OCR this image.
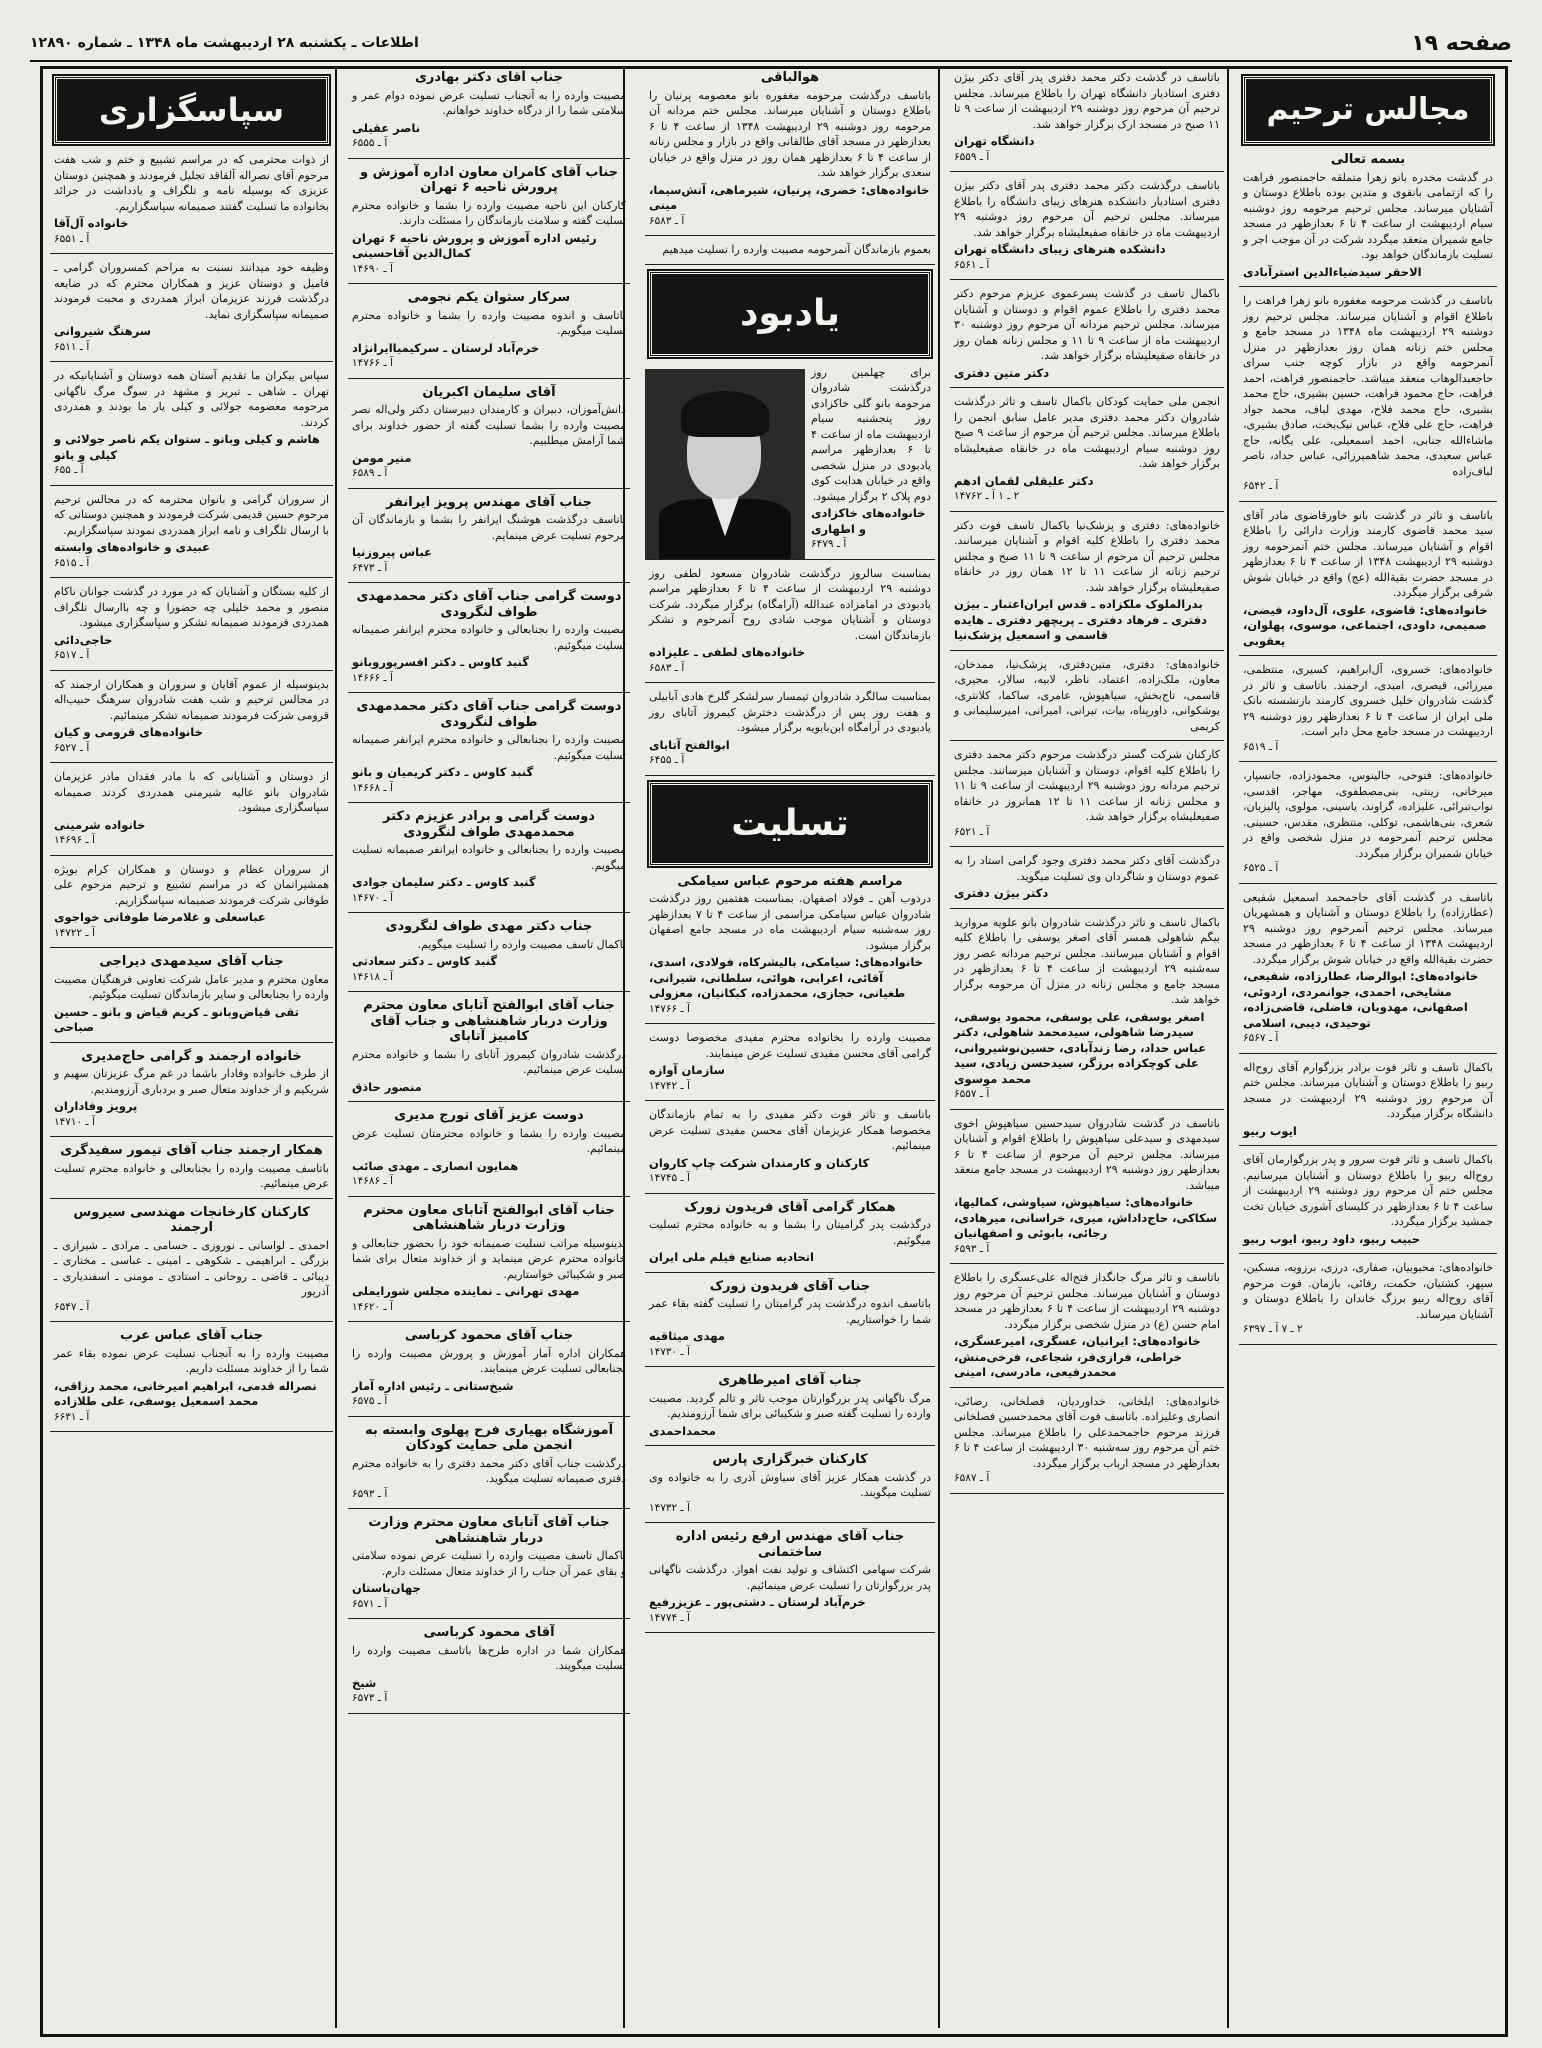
صفحه ۱۹
اطلاعات ـ یکشنبه ۲۸ اردیبهشت ماه ۱۳۴۸ ـ شماره ۱۲۸۹۰
مجالس ترحیم
بسمه تعالی
در گذشت مخدره بانو زهرا متملقه حاجمنصور فراهت را که ازتمامی بانقوی و متدین بوده باطلاع دوستان و آشنایان میرساند. مجلس ترحیم مرحومه روز دوشنبه سیام اردیبهشت از ساعت ۴ تا ۶ بعدازظهر در مسجد جامع شمیران منعقد میگردد شرکت در آن موجب اجر و تسلیت بازماندگان خواهد بود.
الاحقر سیدضیاءالدین استرآبادی
باتاسف در گذشت مرحومه مغفوره بانو زهرا فراهت را باطلاع اقوام و آشنایان میرساند. مجلس ترحیم روز دوشنبه ۲۹ اردیبهشت ماه ۱۳۴۸ در مسجد جامع و مجلس ختم زنانه همان روز بعدازظهر در منزل آنمرحومه واقع در بازار کوچه جنب سرای حاجعبدالوهاب منعقد میباشد. حاجمنصور فراهت، احمد فراهت، حاج محمود فراهت، حسین بشیری، حاج محمد بشیری، حاج محمد فلاح، مهدی لباف، محمد جواد فراهت، حاج علی فلاح، عباس نیک‌بخت، صادق بشیری، ماشاءالله جنابی، احمد اسمعیلی، علی یگانه، حاج عباس سعیدی، محمد شاهمیرزائی، عباس حداد، ناصر لباف‌زاده
آ ـ ۶۵۴۲
باتاسف و تاثر در گذشت بانو خاورقاضوی مادر آقای سید محمد قاضوی کارمند وزارت دارائی را باطلاع اقوام و آشنایان میرساند. مجلس ختم آنمرحومه روز دوشنبه ۲۹ اردیبهشت ۱۳۴۸ از ساعت ۴ تا ۶ بعدازظهر در مسجد حضرت بقیةالله (عج) واقع در خیابان شوش شرقی برگزار میگردد.
خانواده‌های: قاضوی، علوی، آل‌داود، فیضی، صمیمی، داودی، اجتماعی، موسوی، پهلوان، یعقوبی
خانواده‌های: خسروی، آل‌ابراهیم، کسیری، منتظمی، میرزائی، قیصری، امیدی، ارجمند. باتاسف و تاثر در گذشت شادروان خلیل خسروی کارمند بازنشسته بانک ملی ایران از ساعت ۴ تا ۶ بعدازظهر روز دوشنبه ۲۹ اردیبهشت در مسجد جامع محل دایر است.
آ ـ ۶۵۱۹
خانواده‌های: فتوحی، جالینوس، محمودزاده، جانسپار، میرخانی، زینتی، بنی‌مصطفوی، مهاجر، اقدسی، نواب‌تبرائی، علیزاده، گراوند، یاسینی، مولوی، پالیزبان، شعری، بنی‌هاشمی، توکلی، منتظری، مقدس، حسینی. مجلس ترحیم آنمرحومه در منزل شخصی واقع در خیابان شمیران برگزار میگردد.
آ ـ ۶۵۲۵
باتاسف در گذشت آقای حاجمحمد اسمعیل شفیعی (عطارزاده) را باطلاع دوستان و آشنایان و همشهریان میرساند. مجلس ترحیم آنمرحوم روز دوشنبه ۲۹ اردیبهشت ۱۳۴۸ از ساعت ۴ تا ۶ بعدازظهر در مسجد حضرت بقیةالله واقع در خیابان شوش برگزار میگردد.
خانواده‌های: ابوالرضا، عطارزاده، شفیعی، مشایخی، احمدی، جوانمردی، اردوئی، اصفهانی، مهدویان، فاضلی، قاضی‌زاده، توحیدی، دیبی، اسلامی
آ ـ ۶۵۶۷
باکمال تاسف و تاثر فوت برادر بزرگوارم آقای روح‌اله ربیو را باطلاع دوستان و آشنایان میرساند. مجلس ختم آن مرحوم روز دوشنبه ۲۹ اردیبهشت در مسجد دانشگاه برگزار میگردد.
ایوب ربیو
باکمال تاسف و تاثر فوت سرور و پدر بزرگوارمان آقای روح‌اله ربیو را باطلاع دوستان و آشنایان میرسانیم. مجلس ختم آن مرحوم روز دوشنبه ۲۹ اردیبهشت از ساعت ۴ تا ۶ بعدازظهر در کلیسای آشوری خیابان تخت جمشید برگزار میگردد.
حبیب ربیو، داود ربیو، ایوب ربیو
خانواده‌های: محبوبیان، صفاری، درزی، برزویه، مسکین، سپهر، کشتیان، حکمت، رفائی، بازمان. فوت مرحوم آقای روح‌اله ربیو برزگ خاندان را باطلاع دوستان و آشنایان میرساند.
۲ ـ ۷ آ ـ ۶۳۹۷
باتاسف در گذشت دکتر محمد دفتری پدر آقای دکتر بیژن دفتری استادیار دانشگاه تهران را باطلاع میرساند. مجلس ترحیم آن مرحوم روز دوشنبه ۲۹ اردیبهشت از ساعت ۹ تا ۱۱ صبح در مسجد ارک برگزار خواهد شد.
دانشگاه تهران
آ ـ ۶۵۵۹
باتاسف درگذشت دکتر محمد دفتری پدر آقای دکتر بیژن دفتری استادیار دانشکده هنرهای زیبای دانشگاه را باطلاع میرساند. مجلس ترحیم آن مرحوم روز دوشنبه ۲۹ اردیبهشت ماه در خانقاه صفیعلیشاه برگزار خواهد شد.
دانشکده هنرهای زیبای دانشگاه تهران
آ ـ ۶۵۶۱
باکمال تاسف در گذشت پسرعموی عزیزم مرحوم دکتر محمد دفتری را باطلاع عموم اقوام و دوستان و آشنایان میرساند. مجلس ترحیم مردانه آن مرحوم روز دوشنبه ۳۰ اردیبهشت ماه از ساعت ۹ تا ۱۱ و مجلس زنانه همان روز در خانقاه صفیعلیشاه برگزار خواهد شد.
دکتر متین دفتری
انجمن ملی حمایت کودکان باکمال تاسف و تاثر درگذشت شادروان دکتر محمد دفتری مدیر عامل سابق انجمن را باطلاع میرساند. مجلس ترحیم آن مرحوم از ساعت ۹ صبح روز دوشنبه سیام اردیبهشت ماه در خانقاه صفیعلیشاه برگزار خواهد شد.
دکتر علیقلی لقمان ادهم
۲ ـ ۱ آ ـ ۱۴۷۶۲
خانواده‌های: دفتری و پزشک‌نیا باکمال تاسف فوت دکتر محمد دفتری را باطلاع کلیه اقوام و آشنایان میرسانند. مجلس ترحیم آن مرحوم از ساعت ۹ تا ۱۱ صبح و مجلس ترحیم زنانه از ساعت ۱۱ تا ۱۲ همان روز در خانقاه صفیعلیشاه برگزار خواهد شد.
بدرالملوک ملکزاده ـ قدس ایران‌اعتبار ـ بیژن دفتری ـ فرهاد دفتری ـ پریچهر دفتری ـ هایده قاسمی و اسمعیل پزشک‌نیا
خانواده‌های: دفتری، متین‌دفتری، پزشک‌نیا، ممدخان، معاون، ملک‌زاده، اعتماد، ناظر، لابیه، سالار، مجیری، قاسمی، تاج‌بخش، سیاهپوش، عامری، ساکما، کلانتری، یوشکوانی، داورپناه، بیات، تیرانی، امیرانی، امیرسلیمانی و کریمی
کارکنان شرکت گستر درگذشت مرحوم دکتر محمد دفتری را باطلاع کلیه اقوام، دوستان و آشنایان میرسانند. مجلس ترحیم مردانه روز دوشنبه ۲۹ اردیبهشت از ساعت ۹ تا ۱۱ و مجلس زنانه از ساعت ۱۱ تا ۱۲ همانروز در خانقاه صفیعلیشاه برگزار خواهد شد.
آ ـ ۶۵۲۱
درگذشت آقای دکتر محمد دفتری وجود گرامی استاد را به عموم دوستان و شاگردان وی تسلیت میگوید.
دکتر بیژن دفتری
باکمال تاسف و تاثر درگذشت شادروان بانو علویه مروارید بیگم شاهولی همسر آقای اصغر یوسفی را باطلاع کلیه اقوام و آشنایان میرسانند. مجلس ترحیم مردانه عصر روز سه‌شنبه ۲۹ اردیبهشت از ساعت ۴ تا ۶ بعدازظهر در مسجد جامع و مجلس زنانه در منزل آن مرحومه برگزار خواهد شد.
اصغر یوسفی، علی یوسفی، محمود یوسفی، سیدرضا شاهولی، سیدمحمد شاهولی، دکتر عباس حداد، رضا زندآبادی، حسین‌نوشیروانی، علی کوچکزاده برزگر، سیدحسن زیادی، سید محمد موسوی
آ ـ ۶۵۵۷
باتاسف در گذشت شادروان سیدحسین سیاهپوش اخوی سیدمهدی و سیدعلی سیاهپوش را باطلاع اقوام و آشنایان میرساند. مجلس ترحیم آن مرحوم از ساعت ۴ تا ۶ بعدازظهر روز دوشنبه ۲۹ اردیبهشت در مسجد جامع منعقد میباشد.
خانواده‌های: سیاهپوش، سیاوشی، کمالیها، سکاکی، حاج‌داداش، میری، خراسانی، میرهادی، رجائی، بابوئی و اصفهانیان
آ ـ ۶۵۹۳
باتاسف و تاثر مرگ جانگداز فتح‌اله علی‌عسگری را باطلاع دوستان و آشنایان میرساند. مجلس ترحیم آن مرحوم روز دوشنبه ۲۹ اردیبهشت از ساعت ۴ تا ۶ بعدازظهر در مسجد امام حسن (ع) در منزل شخصی برگزار میگردد.
خانواده‌های: ایرانیان، عسگری، امیرعسگری، خراطی، فرازی‌فر، شجاعی، فرخی‌منش، محمدرفیعی، مادرسی، امینی
خانواده‌های: ایلخانی، خداوردیان، فصلخانی، رضائی، انصاری وعلیزاده. باتاسف فوت آقای محمدحسین فصلخانی فرزند مرحوم حاجمحمدعلی را باطلاع میرساند. مجلس ختم آن مرحوم روز سه‌شنبه ۳۰ اردیبهشت از ساعت ۴ تا ۶ بعدازظهر در مسجد ارباب برگزار میگردد.
آ ـ ۶۵۸۷
هوالباقی
باتاسف درگذشت مرحومه مغفوره بانو معصومه پرنیان را باطلاع دوستان و آشنایان میرساند. مجلس ختم مردانه آن مرحومه روز دوشنبه ۲۹ اردیبهشت ۱۳۴۸ از ساعت ۴ تا ۶ بعدازظهر در مسجد آقای طالقانی واقع در بازار و مجلس زنانه از ساعت ۴ تا ۶ بعدازظهر همان روز در منزل واقع در خیابان سعدی برگزار خواهد شد.
خانواده‌های: خضری، پرنیان، شیرماهی، آتش‌سیما، مینی
آ ـ ۶۵۸۳
بعموم بازماندگان آنمرحومه مصیبت وارده را تسلیت میدهیم
یادبود
برای چهلمین روز درگذشت شادروان مرحومه بانو گلی خاکزادی روز پنجشنبه سیام اردیبهشت ماه از ساعت ۴ تا ۶ بعدازظهر مراسم یادبودی در منزل شخصی واقع در خیابان هدایت کوی دوم پلاک ۲ برگزار میشود.
خانواده‌های خاکزادی و اطهاری
آ ـ ۶۴۷۹
بمناسبت سالروز درگذشت شادروان مسعود لطفی روز دوشنبه ۲۹ اردیبهشت از ساعت ۴ تا ۶ بعدازظهر مراسم یادبودی در امامزاده عبدالله (آرامگاه) برگزار میگردد. شرکت دوستان و آشنایان موجب شادی روح آنمرحوم و تشکر بازماندگان است.
خانواده‌های لطفی ـ علیزاده
آ ـ ۶۵۸۳
بمناسبت سالگرد شادروان تیمسار سرلشکر گلرخ هادی آبابیلی و هفت روز پس از درگذشت دخترش کیمروز آتابای روز یادبودی در آرامگاه ابن‌بابویه برگزار میشود.
ابوالفتح آتابای
آ ـ ۶۴۵۵
تسلیت
مراسم هفته مرحوم عباس سیامکی
درذوب آهن ـ فولاد اصفهان. بمناسبت هفتمین روز درگذشت شادروان عباس سیامکی مراسمی از ساعت ۴ تا ۷ بعدازظهر روز سه‌شنبه سیام اردیبهشت ماه در مسجد جامع اصفهان برگزار میشود.
خانواده‌های: سیامکی، بالیشرکاه، فولادی، اسدی، آقائی، اعرابی، هوائی، سلطانی، شیرانی، طغیانی، حجازی، محمدزاده، کبکانیان، معزولی
آ ـ ۱۴۷۶۶
مصیبت وارده را بخانواده محترم مفیدی مخصوصا دوست گرامی آقای محسن مفیدی تسلیت عرض مینمایند.
سازمان آوازه
آ ـ ۱۴۷۴۲
باتاسف و تاثر فوت دکتر مفیدی را به تمام بازماندگان مخصوصا همکار عزیزمان آقای محسن مفیدی تسلیت عرض مینمائیم.
کارکنان و کارمندان شرکت چاپ کاروان
آ ـ ۱۴۷۴۵
همکار گرامی آقای فریدون زورک
درگذشت پدر گرامیتان را بشما و به خانواده محترم تسلیت میگوئیم.
اتحادیه صنایع فیلم ملی ایران
جناب آقای فریدون زورک
باتاسف اندوه درگذشت پدر گرامیتان را تسلیت گفته بقاء عمر شما را خواستاریم.
مهدی میثاقیه
آ ـ ۱۴۷۳۰
جناب آقای امیرطاهری
مرگ ناگهانی پدر بزرگوارتان موجب تاثر و تالم گردید. مصیبت وارده را تسلیت گفته صبر و شکیبائی برای شما آرزومندیم.
محمداحمدی
کارکنان خبرگزاری پارس
در گذشت همکار عزیز آقای سیاوش آذری را به خانواده وی تسلیت میگویند.
آ ـ ۱۴۷۳۲
جناب آقای مهندس ارفع رئیس اداره ساختمانی
شرکت سهامی اکتشاف و تولید نفت اهواز. درگذشت ناگهانی پدر بزرگوارتان را تسلیت عرض مینمائیم.
خرم‌آباد لرستان ـ دشتی‌پور ـ عزیزرفیع
آ ـ ۱۴۷۷۴
جناب آقای دکتر بهادری
مصیبت وارده را به آنجناب تسلیت عرض نموده دوام عمر و سلامتی شما را از درگاه خداوند خواهانم.
ناصر عقیلی
آ ـ ۶۵۵۵
جناب آقای کامران معاون اداره آموزش و پرورش ناحیه ۶ تهران
کارکنان این ناحیه مصیبت وارده را بشما و خانواده محترم تسلیت گفته و سلامت بازماندگان را مسئلت دارند.
رئیس اداره آموزش و پرورش ناحیه ۶ تهران کمال‌الدین آقاحسینی
آ ـ ۱۴۶۹۰
سرکار ستوان یکم نجومی
باتاسف و اندوه مصیبت وارده را بشما و خانواده محترم تسلیت میگویم.
خرم‌آباد لرستان ـ سرکیمیا‌ایرانژاد
آ ـ ۱۴۷۶۶
آقای سلیمان اکبریان
دانش‌آموزان، دبیران و کارمندان دبیرستان دکتر ولی‌اله نصر مصیبت وارده را بشما تسلیت گفته از حضور خداوند برای شما آرامش میطلبیم.
منیر مومن
آ ـ ۶۵۸۹
جناب آقای مهندس پرویز ایرانفر
باتاسف درگذشت هوشنگ ایرانفر را بشما و بازماندگان آن مرحوم تسلیت عرض مینمایم.
عباس پیروزنیا
آ ـ ۶۴۷۳
دوست گرامی جناب آقای دکتر محمدمهدی طواف لنگرودی
مصیبت وارده را بجنابعالی و خانواده محترم ایرانفر صمیمانه تسلیت میگوئیم.
گنبد کاوس ـ دکتر افسرپوروبانو
آ ـ ۱۴۶۶۶
دوست گرامی جناب آقای دکتر محمدمهدی طواف لنگرودی
مصیبت وارده را بجنابعالی و خانواده محترم ایرانفر صمیمانه تسلیت میگوئیم.
گنبد کاوس ـ دکتر کریمیان و بانو
آ ـ ۱۴۶۶۸
دوست گرامی و برادر عزیزم دکتر محمدمهدی طواف لنگرودی
مصیبت وارده را بجنابعالی و خانواده ایرانفر صمیمانه تسلیت میگویم.
گنبد کاوس ـ دکتر سلیمان جوادی
آ ـ ۱۴۶۷۰
جناب دکتر مهدی طواف لنگرودی
باکمال تاسف مصیبت وارده را تسلیت میگویم.
گنبد کاوس ـ دکتر سعادتی
آ ـ ۱۴۶۱۸
جناب آقای ابوالفتح آتابای معاون محترم وزارت دربار شاهنشاهی و جناب آقای کامبیز آتابای
درگذشت شادروان کیمروز آتابای را بشما و خانواده محترم تسلیت عرض مینمائیم.
منصور حاذق
دوست عزیز آقای تورج مدیری
مصیبت وارده را بشما و خانواده محترمتان تسلیت عرض مینمائیم.
همایون انصاری ـ مهدی صائب
آ ـ ۱۴۶۸۶
جناب آقای ابوالفتح آتابای معاون محترم وزارت دربار شاهنشاهی
بدینوسیله مراتب تسلیت صمیمانه خود را بحضور جنابعالی و خانواده محترم عرض مینماید و از خداوند متعال برای شما صبر و شکیبائی خواستاریم.
مهدی تهرانی ـ نماینده مجلس شورایملی
آ ـ ۱۴۶۲۰
جناب آقای محمود کرباسی
همکاران اداره آمار آموزش و پرورش مصیبت وارده را بجنابعالی تسلیت عرض مینمایند.
شیخ‌ستانی ـ رئیس اداره آمار
آ ـ ۶۵۷۵
آموزشگاه بهیاری فرح پهلوی وابسته به انجمن ملی حمایت کودکان
درگذشت جناب آقای دکتر محمد دفتری را به خانواده محترم دفتری صمیمانه تسلیت میگوید.
آ ـ ۶۵۹۳
جناب آقای آتابای معاون محترم وزارت دربار شاهنشاهی
باکمال تاسف مصیبت وارده را تسلیت عرض نموده سلامتی و بقای عمر آن جناب را از خداوند متعال مسئلت دارم.
جهان‌باستان
آ ـ ۶۵۷۱
آقای محمود کرباسی
همکاران شما در اداره طرح‌ها باتاسف مصیبت وارده را تسلیت میگویند.
شیخ
آ ـ ۶۵۷۳
سپاسگزاری
از ذوات محترمی که در مراسم تشییع و ختم و شب هفت مرحوم آقای نصراله آلقاقد تجلیل فرمودند و همچنین دوستان عزیزی که بوسیله نامه و تلگراف و یادداشت در جرائد بخانواده ما تسلیت گفتند صمیمانه سپاسگزاریم.
خانواده آل‌آقا
آ ـ ۶۵۵۱
وظیفه خود میدانند نسبت به مراحم کمسروران گرامی ـ فامیل و دوستان عزیز و همکاران محترم که در ضایعه درگذشت فرزند عزیزمان ابراز همدردی و محبت فرمودند صمیمانه سپاسگزاری نماید.
سرهنگ شیروانی
آ ـ ۶۵۱۱
سپاس بیکران ما تقدیم آستان همه دوستان و آشنایانیکه در تهران ـ شاهی ـ تبریز و مشهد در سوگ مرگ ناگهانی مرحومه معصومه جولائی و کیلی یار ما بودند و همدردی کردند.
هاشم و کیلی وبانو ـ ستوان یکم ناصر جولائی و کیلی و بانو
آ ـ ۶۵۵
از سروران گرامی و بانوان محترمه که در مجالس ترحیم مرحوم حسین قدیمی شرکت فرمودند و همچنین دوستانی که با ارسال تلگراف و نامه ابراز همدردی نمودند سپاسگزاریم.
عبیدی و خانواده‌های وابسته
آ ـ ۶۵۱۵
از کلیه بستگان و آشنایان که در مورد در گذشت جوانان ناکام منصور و محمد خلیلی چه حضورا و چه باارسال تلگراف همدردی فرمودند صمیمانه تشکر و سپاسگزاری میشود.
حاجی‌دائی
آ ـ ۶۵۱۷
بدینوسیله از عموم آقایان و سروران و همکاران ارجمند که در مجالس ترحیم و شب هفت شادروان سرهنگ حبیب‌اله قرومی شرکت فرمودند صمیمانه تشکر مینمائیم.
خانواده‌های قرومی و کیان
آ ـ ۶۵۲۷
از دوستان و آشنایانی که با مادر فقدان مادر عزیزمان شادروان بانو عالیه شیرمنی همدردی کردند صمیمانه سپاسگزاری میشود.
خانواده شرمینی
آ ـ ۱۴۶۹۶
از سروران عظام و دوستان و همکاران کرام بویژه همشیرانمان که در مراسم تشییع و ترحیم مرحوم علی طوفانی شرکت فرمودند صمیمانه سپاسگزاریم.
عباسعلی و غلامرضا طوفانی خواجوی
آ ـ ۱۴۷۲۲
جناب آقای سیدمهدی دیراجی
معاون محترم و مدیر عامل شرکت تعاونی فرهنگیان مصیبت وارده را بجنابعالی و سایر بازماندگان تسلیت میگوئیم.
تقی قیاض‌و‌بانو ـ کریم قیاض و بانو ـ حسین صباحی
خانواده ارجمند و گرامی حاج‌مدیری
از طرف خانواده وفادار باشما در غم مرگ عزیزتان سهیم و شریکیم و از خداوند متعال صبر و بردباری آرزومندیم.
پرویز وفاداران
آ ـ ۱۴۷۱۰
همکار ارجمند جناب آقای تیمور سفیدگری
باتاسف مصیبت وارده را بجنابعالی و خانواده محترم تسلیت عرض مینمائیم.
کارکنان کارخانجات مهندسی سیروس ارجمند
احمدی ـ لواسانی ـ نوروزی ـ حسامی ـ مرادی ـ شیرازی ـ بزرگی ـ ابراهیمی ـ شکوهی ـ امینی ـ عباسی ـ مختاری ـ دیبائی ـ قاضی ـ روحانی ـ استادی ـ مومنی ـ اسفندیاری ـ آذرپور
آ ـ ۶۵۴۷
جناب آقای عباس عرب
مصیبت وارده را به آنجناب تسلیت عرض نموده بقاء عمر شما را از خداوند مسئلت داریم.
نصراله قدمی، ابراهیم امیرخانی، محمد رزاقی، محمد اسمعیل یوسفی، علی طلازاده
آ ـ ۶۶۳۱
